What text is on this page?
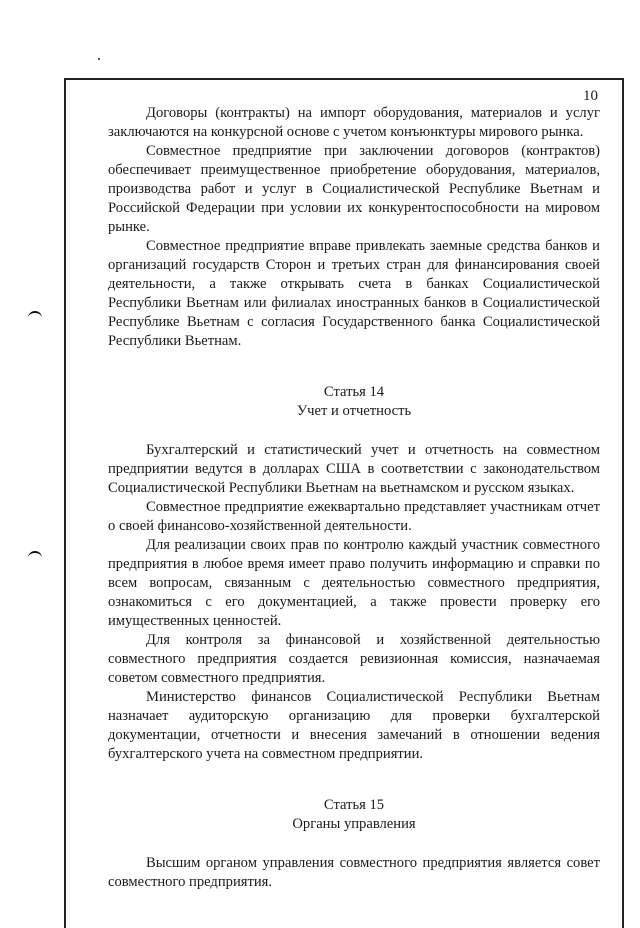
10

Договоры (контракты) на импорт оборудования, материалов и услуг заключаются на конкурсной основе с учетом конъюнктуры мирового рынка.

Совместное предприятие при заключении договоров (контрактов) обеспечивает преимущественное приобретение оборудования, материалов, производства работ и услуг в Социалистической Республике Вьетнам и Российской Федерации при условии их конкурентоспособности на мировом рынке.

Совместное предприятие вправе привлекать заемные средства банков и организаций государств Сторон и третьих стран для финансирования своей деятельности, а также открывать счета в банках Социалистической Республики Вьетнам или филиалах иностранных банков в Социалистической Республике Вьетнам с согласия Государственного банка Социалистической Республики Вьетнам.

Статья 14

Учет и отчетность

Бухгалтерский и статистический учет и отчетность на совместном предприятии ведутся в долларах США в соответствии с законодательством Социалистической Республики Вьетнам на вьетнамском и русском языках.

Совместное предприятие ежеквартально представляет участникам отчет о своей финансово-хозяйственной деятельности.

Для реализации своих прав по контролю каждый участник совместного предприятия в любое время имеет право получить информацию и справки по всем вопросам, связанным с деятельностью совместного предприятия, ознакомиться с его документацией, а также провести проверку его имущественных ценностей.

Для контроля за финансовой и хозяйственной деятельностью совместного предприятия создается ревизионная комиссия, назначаемая советом совместного предприятия.

Министерство финансов Социалистической Республики Вьетнам назначает аудиторскую организацию для проверки бухгалтерской документации, отчетности и внесения замечаний в отношении ведения бухгалтерского учета на совместном предприятии.

Статья 15

Органы управления

Высшим органом управления совместного предприятия является совет совместного предприятия.
